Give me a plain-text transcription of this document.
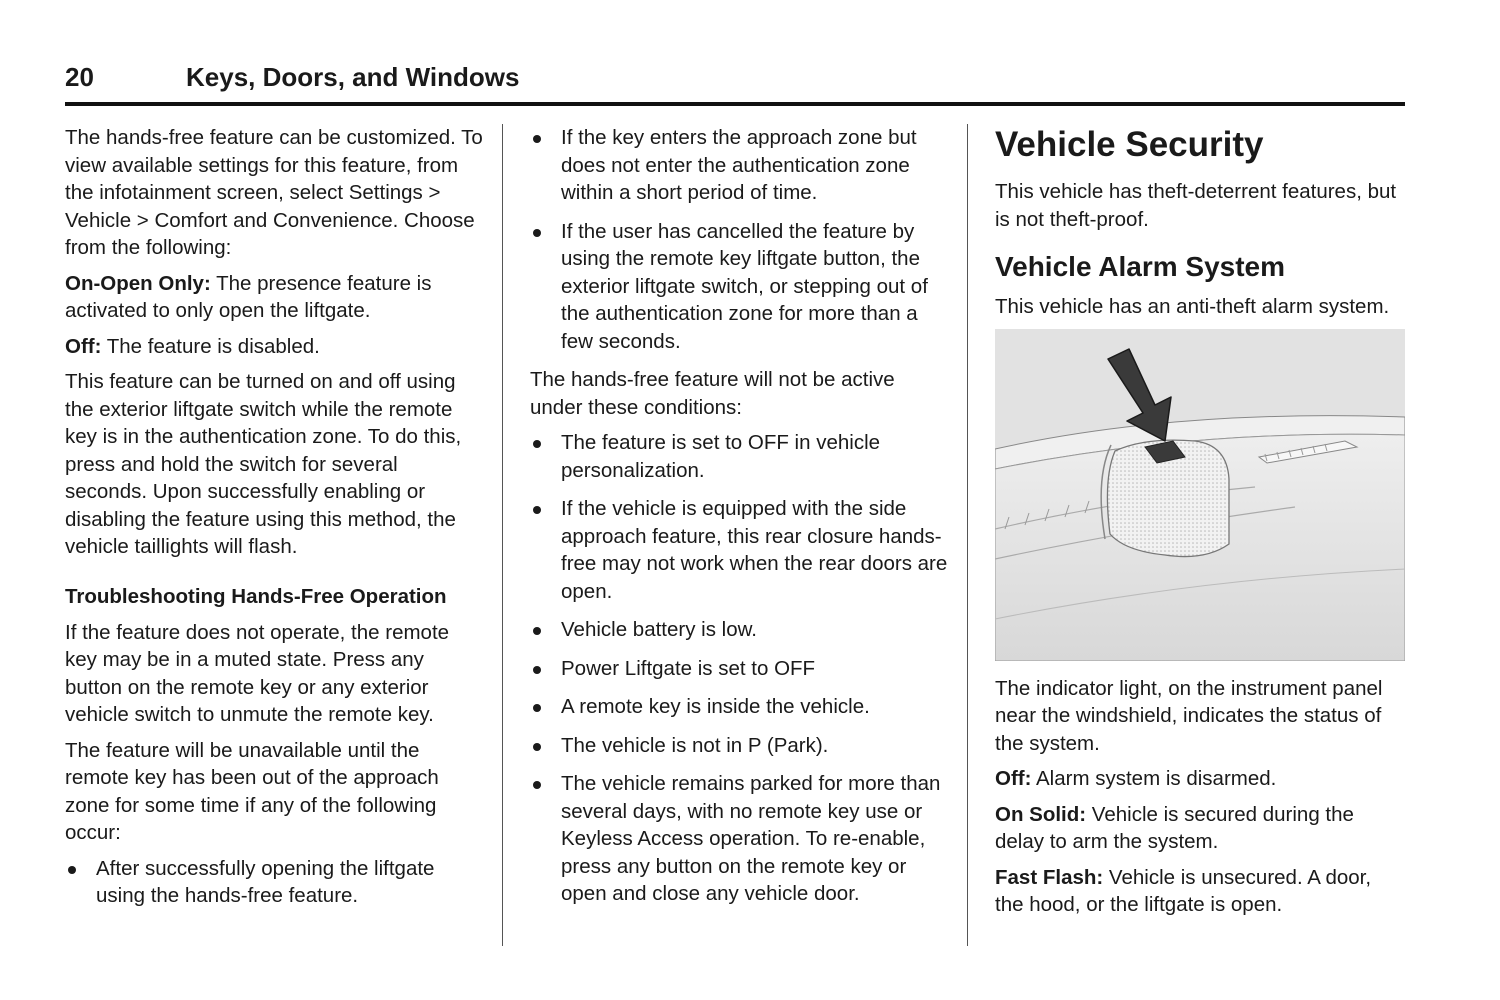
20	Keys, Doors, and Windows

The hands-free feature can be customized. To view available settings for this feature, from the infotainment screen, select Settings > Vehicle > Comfort and Convenience. Choose from the following:

On-Open Only: The presence feature is activated to only open the liftgate.

Off: The feature is disabled.

This feature can be turned on and off using the exterior liftgate switch while the remote key is in the authentication zone. To do this, press and hold the switch for several seconds. Upon successfully enabling or disabling the feature using this method, the vehicle taillights will flash.

Troubleshooting Hands-Free Operation

If the feature does not operate, the remote key may be in a muted state. Press any button on the remote key or any exterior vehicle switch to unmute the remote key.

The feature will be unavailable until the remote key has been out of the approach zone for some time if any of the following occur:

After successfully opening the liftgate using the hands-free feature.
If the key enters the approach zone but does not enter the authentication zone within a short period of time.
If the user has cancelled the feature by using the remote key liftgate button, the exterior liftgate switch, or stepping out of the authentication zone for more than a few seconds.

The hands-free feature will not be active under these conditions:

The feature is set to OFF in vehicle personalization.
If the vehicle is equipped with the side approach feature, this rear closure hands-free may not work when the rear doors are open.
Vehicle battery is low.
Power Liftgate is set to OFF
A remote key is inside the vehicle.
The vehicle is not in P (Park).
The vehicle remains parked for more than several days, with no remote key use or Keyless Access operation. To re-enable, press any button on the remote key or open and close any vehicle door.
Vehicle Security

This vehicle has theft-deterrent features, but is not theft-proof.

Vehicle Alarm System

This vehicle has an anti-theft alarm system.

The indicator light, on the instrument panel near the windshield, indicates the status of the system.

Off: Alarm system is disarmed.

On Solid: Vehicle is secured during the delay to arm the system.

Fast Flash: Vehicle is unsecured. A door, the hood, or the liftgate is open.
